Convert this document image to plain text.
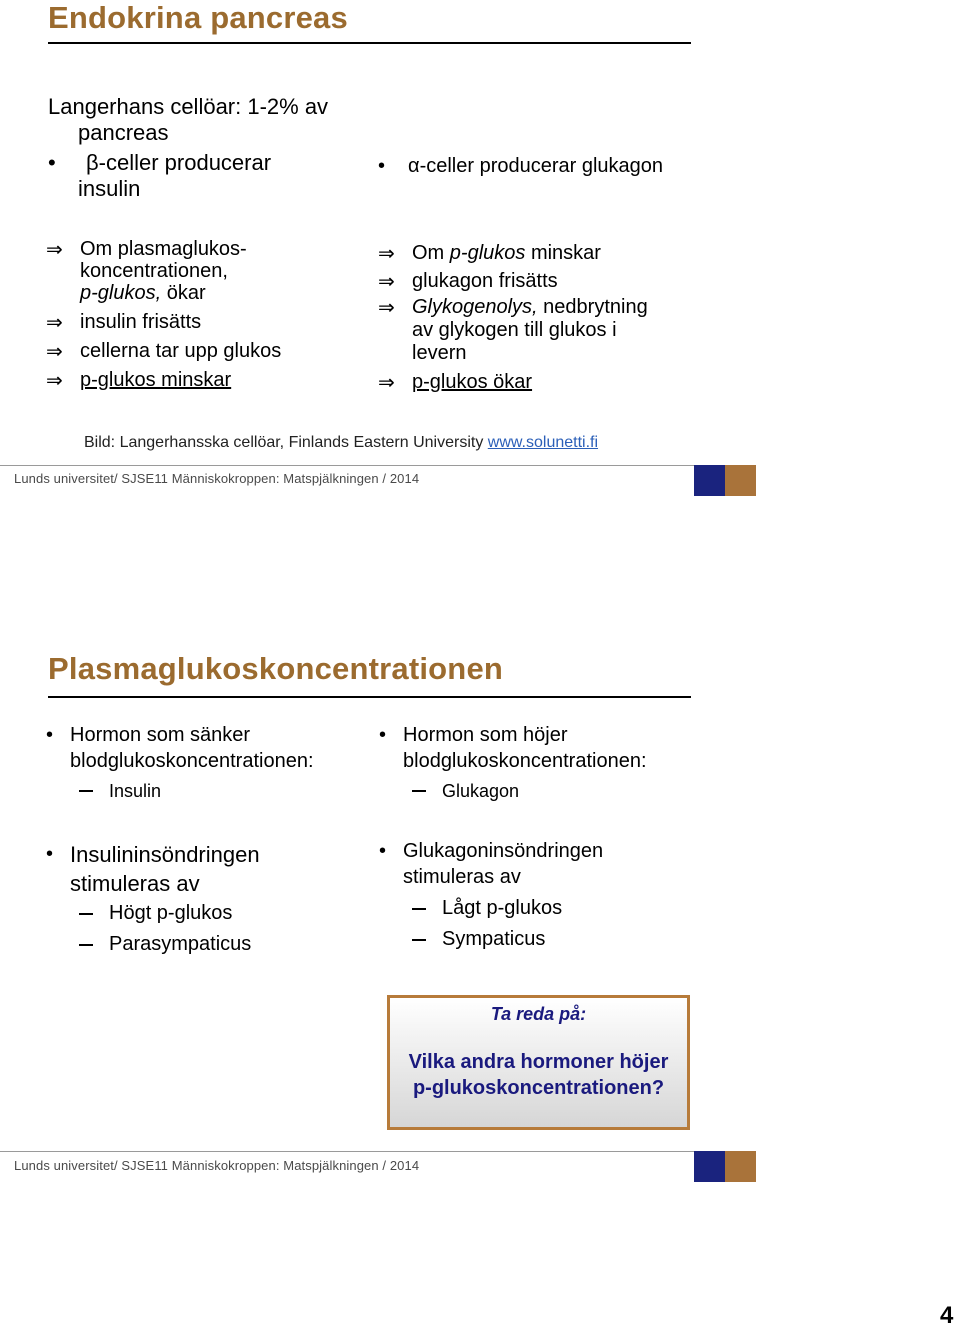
Endokrina pancreas
Langerhans cellöar: 1-2% av
pancreas
•	β-celler producerar
insulin
• α-celler producerar glukagon
⇒ Om plasmaglukos-
koncentrationen,
p-glukos, ökar
⇒ insulin frisätts
⇒ cellerna tar upp glukos
⇒ p-glukos minskar
⇒ Om p-glukos minskar
⇒ glukagon frisätts
⇒ Glykogenolys, nedbrytning
av glykogen till glukos i
levern
⇒ p-glukos ökar
Bild: Langerhansska cellöar, Finlands Eastern University www.solunetti.fi
Lunds universitet/ SJSE11 Människokroppen: Matspjälkningen / 2014
Plasmaglukoskoncentrationen
• Hormon som sänker
blodglukoskoncentrationen:
Insulin
• Hormon som höjer
blodglukoskoncentrationen:
Glukagon
• Insulininsöndringen
stimuleras av
Högt p-glukos
Parasympaticus
• Glukagoninsöndringen
stimuleras av
Lågt p-glukos
Sympaticus
Ta reda på:
Vilka andra hormoner höjer
p-glukoskoncentrationen?
Lunds universitet/ SJSE11 Människokroppen: Matspjälkningen / 2014
4
